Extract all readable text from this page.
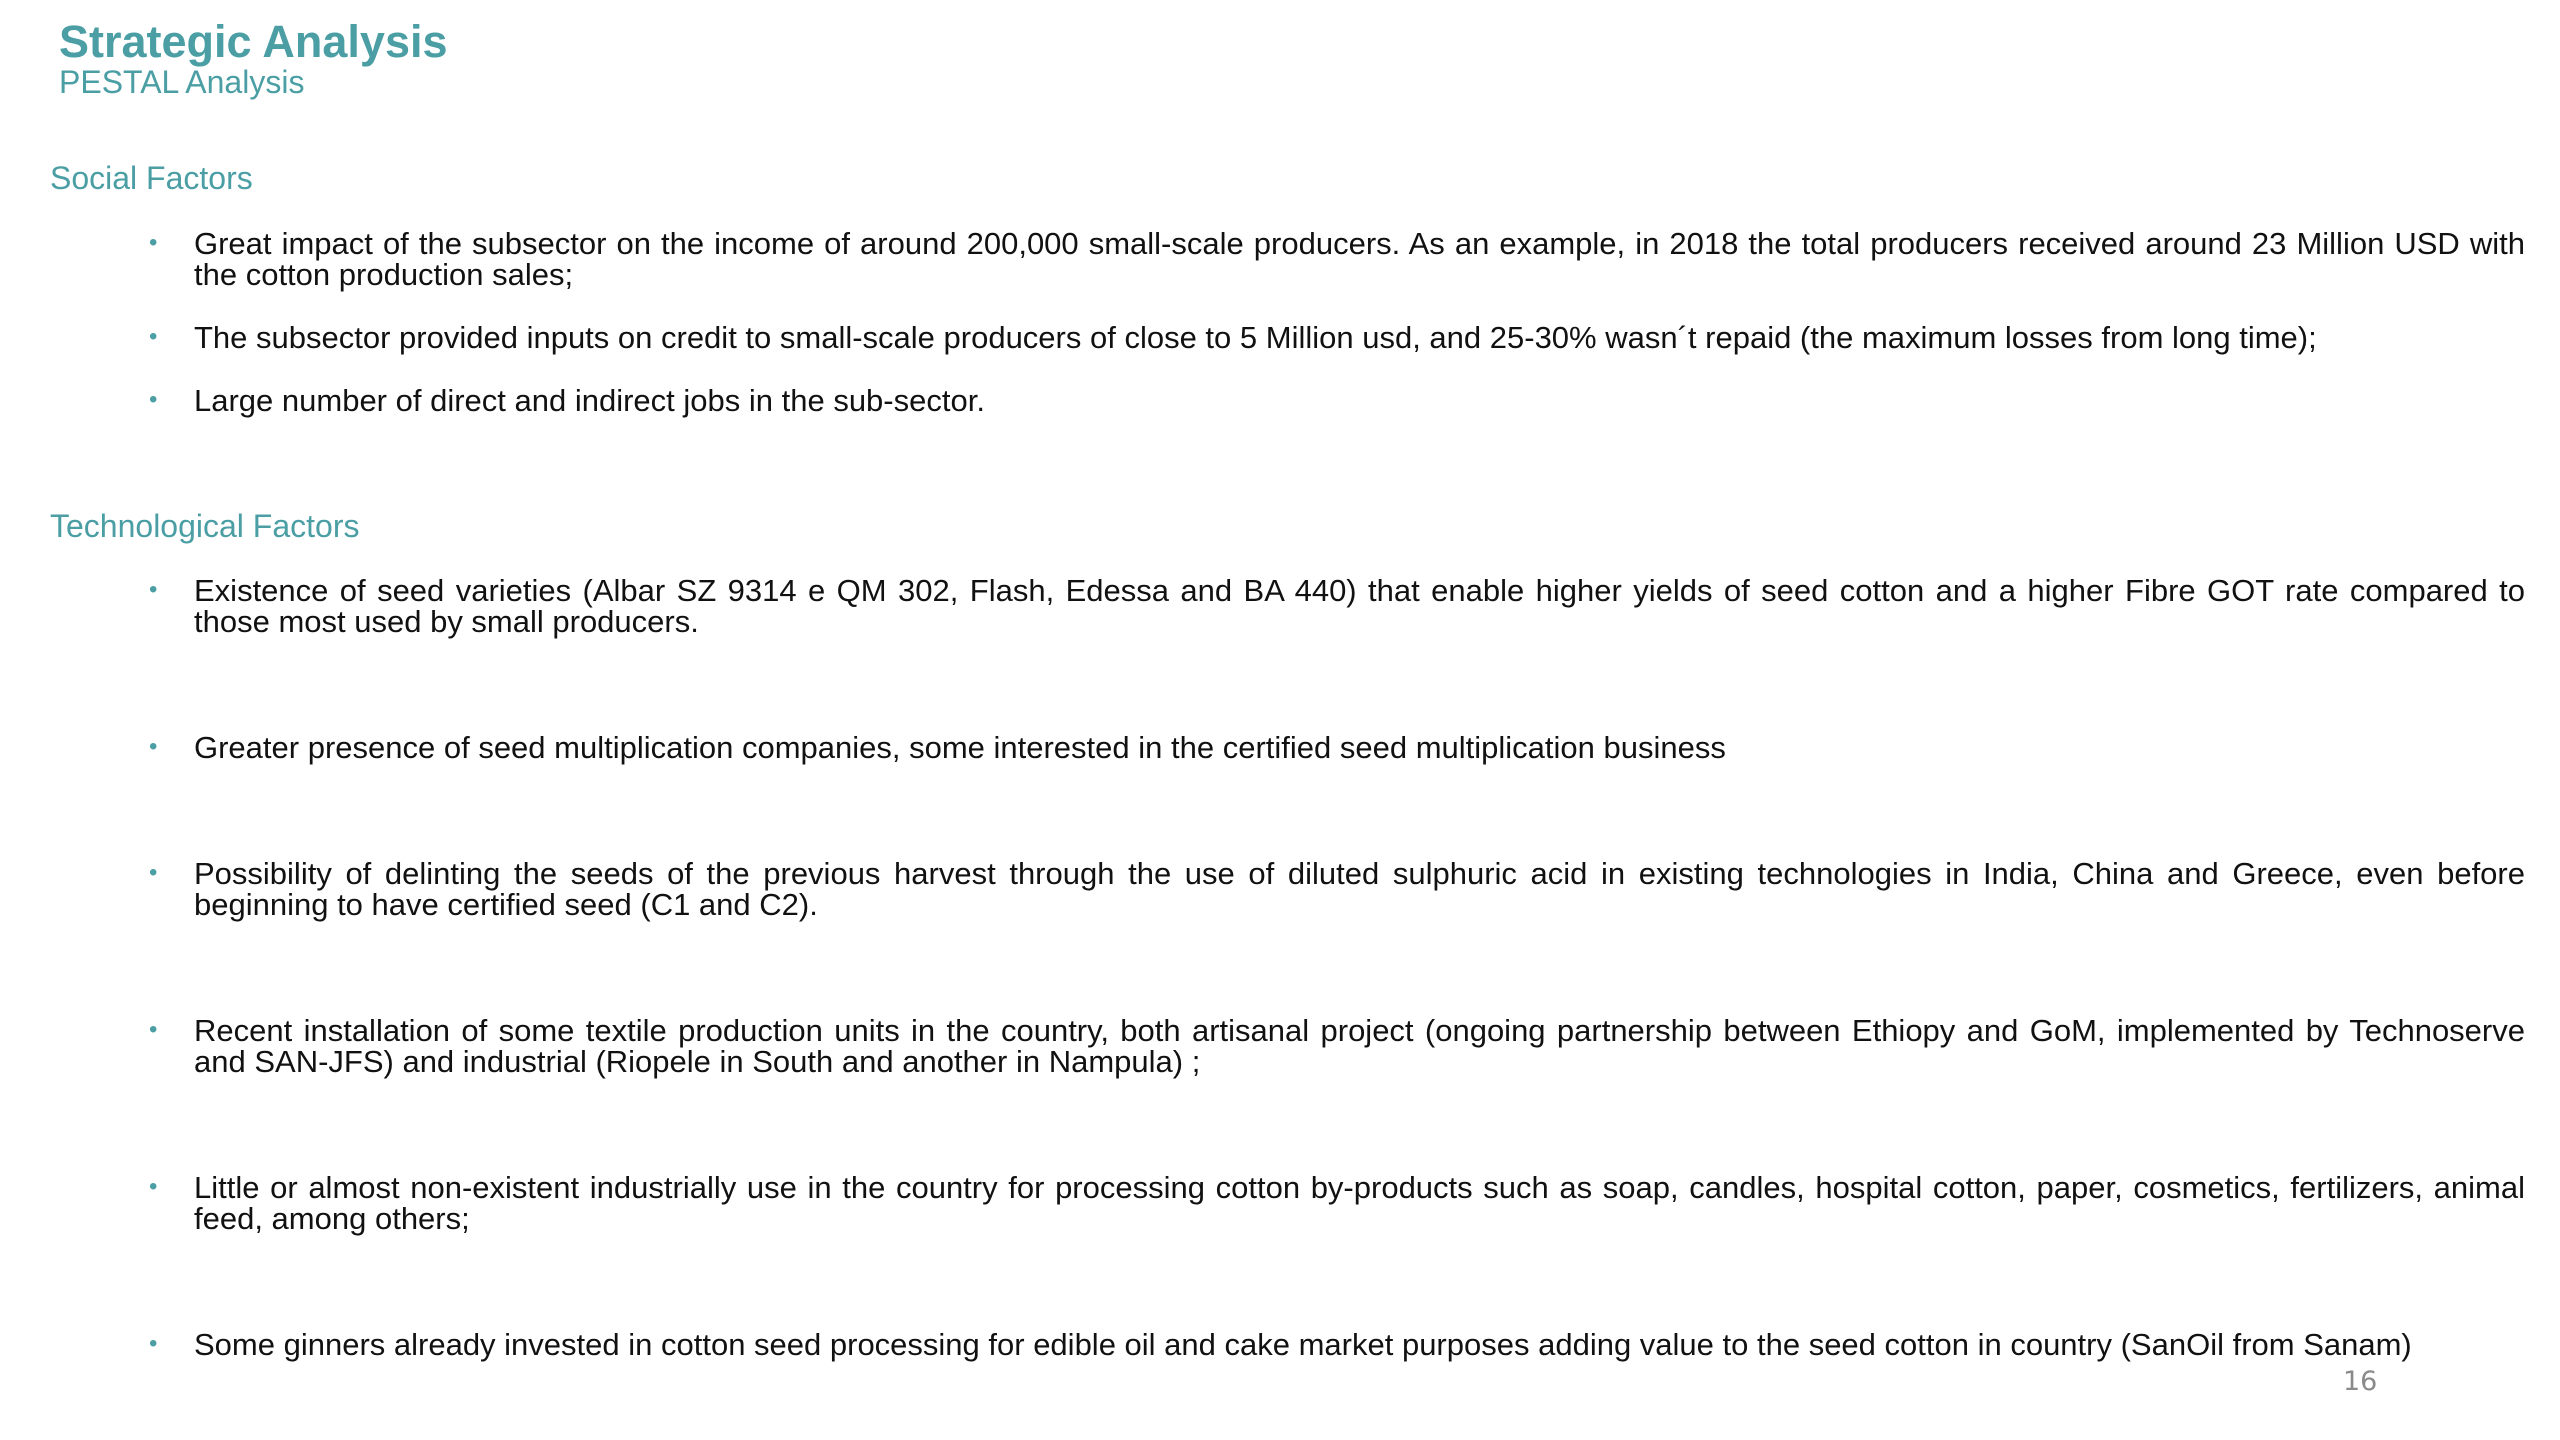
Strategic Analysis
PESTAL Analysis
Social Factors
• Great impact of the subsector on the income of around 200,000 small-scale producers. As an example, in 2018 the total producers received around 23 Million USD with the cotton production sales;
• The subsector provided inputs on credit to small-scale producers of close to 5 Million usd, and 25-30% wasn´t repaid (the maximum losses from long time);
• Large number of direct and indirect jobs in the sub-sector.
Technological Factors
• Existence of seed varieties (Albar SZ 9314 e QM 302, Flash, Edessa and BA 440) that enable higher yields of seed cotton and a higher Fibre GOT rate compared to those most used by small producers.
• Greater presence of seed multiplication companies, some interested in the certified seed multiplication business
• Possibility of delinting the seeds of the previous harvest through the use of diluted sulphuric acid in existing technologies in India, China and Greece, even before beginning to have certified seed (C1 and C2).
• Recent installation of some textile production units in the country, both artisanal project (ongoing partnership between Ethiopy and GoM, implemented by Technoserve and SAN-JFS) and industrial (Riopele in South and another in Nampula) ;
• Little or almost non-existent industrially use in the country for processing cotton by-products such as soap, candles, hospital cotton, paper, cosmetics, fertilizers, animal feed, among others;
• Some ginners already invested in cotton seed processing for edible oil and cake market purposes adding value to the seed cotton in country (SanOil from Sanam)
16
